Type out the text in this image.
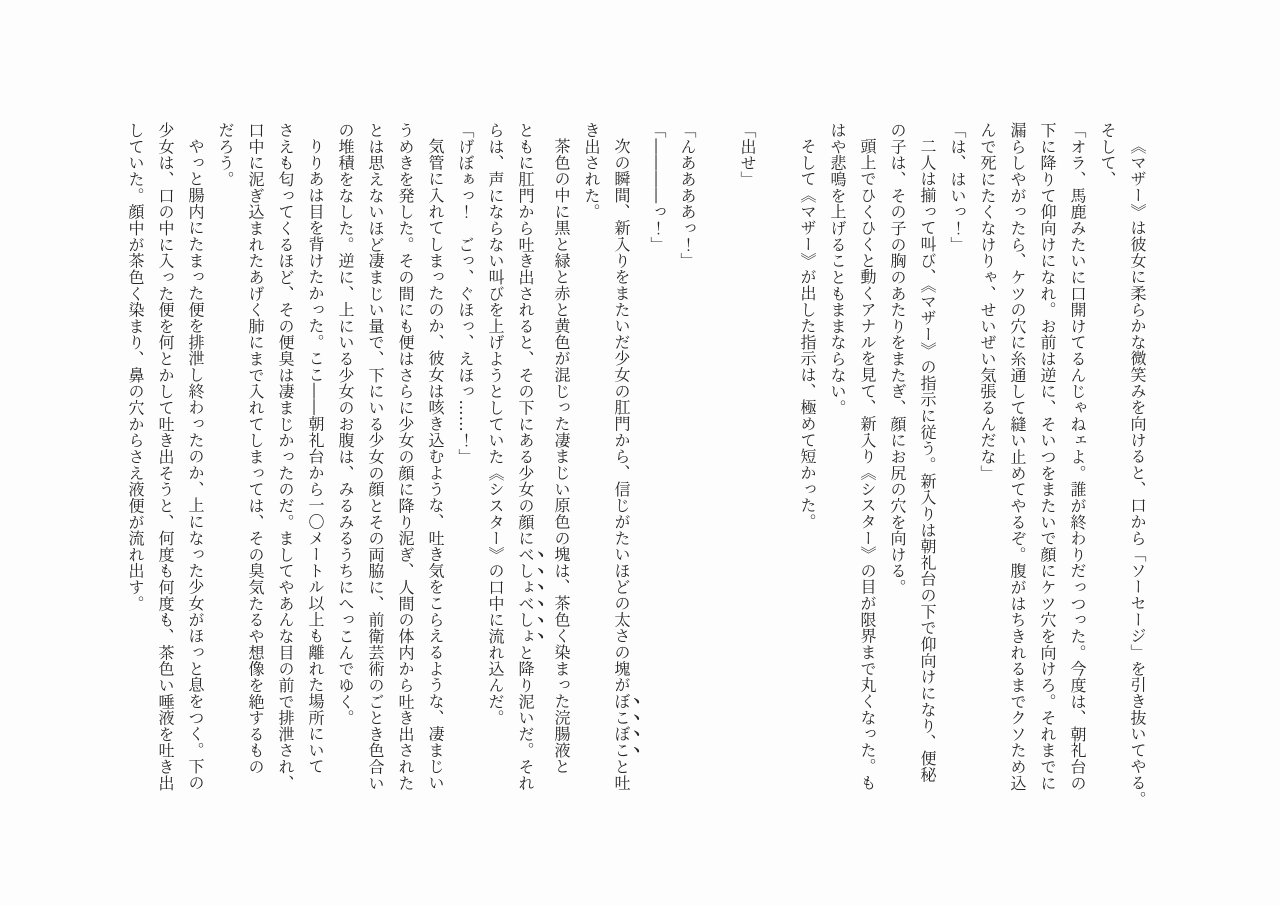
《マザー》は彼女に柔らかな微笑みを向けると、口から「ソーセージ」を引き抜いてやる。

そして、

「オラ、馬鹿みたいに口開けてるんじゃねェよ。誰が終わりだっつった。今度は、朝礼台の

下に降りて仰向けになれ。お前は逆に、そいつをまたいで顔にケツ穴を向けろ。それまでに

漏らしやがったら、ケツの穴に糸通して縫い止めてやるぞ。腹がはちきれるまでクソため込

んで死にたくなけりゃ、せいぜい気張るんだな」

「は、はいっ！」

二人は揃って叫び、《マザー》の指示に従う。新入りは朝礼台の下で仰向けになり、便秘

の子は、その子の胸のあたりをまたぎ、顔にお尻の穴を向ける。

頭上でひくひくと動くアナルを見て、新入り《シスター》の目が限界まで丸くなった。も

はや悲鳴を上げることもままならない。

そして《マザー》が出した指示は、極めて短かった。

「出せ」

「んああああっ！」

「――――っ！」

次の瞬間、新入りをまたいだ少女の肛門から、信じがたいほどの太さの塊がぼこぼこと吐

き出された。

茶色の中に黒と緑と赤と黄色が混じった凄まじい原色の塊は、茶色く染まった浣腸液と

ともに肛門から吐き出されると、その下にある少女の顔にべしょべしょと降り泥いだ。それ

らは、声にならない叫びを上げようとしていた《シスター》の口中に流れ込んだ。

「げぼぁっ！　ごっ、ぐほっ、えほっ……！」

気管に入れてしまったのか、彼女は咳き込むような、吐き気をこらえるような、凄まじい

うめきを発した。その間にも便はさらに少女の顔に降り泥ぎ、人間の体内から吐き出された

とは思えないほど凄まじい量で、下にいる少女の顔とその両脇に、前衛芸術のごとき色合い

の堆積をなした。逆に、上にいる少女のお腹は、みるみるうちにへっこんでゆく。

りりあは目を背けたかった。ここ――朝礼台から一〇メートル以上も離れた場所にいて

さえも匂ってくるほど、その便臭は凄まじかったのだ。ましてやあんな目の前で排泄され、

口中に泥ぎ込まれたあげく肺にまで入れてしまっては、その臭気たるや想像を絶するもの

だろう。

やっと腸内にたまった便を排泄し終わったのか、上になった少女がほっと息をつく。下の

少女は、口の中に入った便を何とかして吐き出そうと、何度も何度も、茶色い唾液を吐き出

していた。顔中が茶色く染まり、鼻の穴からさえ液便が流れ出す。
